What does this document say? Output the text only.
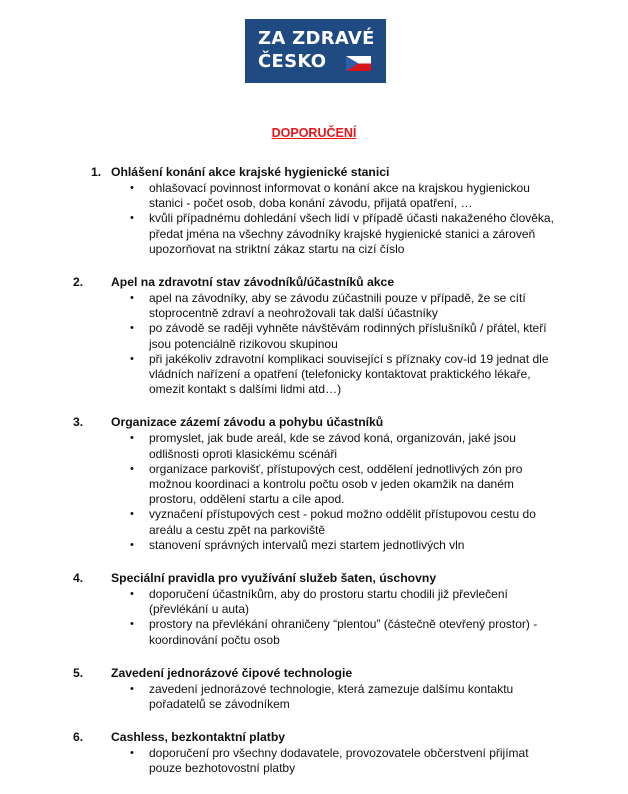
ZA ZDRAVÉ
ČESKO
DOPORUČENÍ
1. Ohlášení konání akce krajské hygienické stanici
• ohlašovací povinnost informovat o konání akce na krajskou hygienickou stanici - počet osob, doba konání závodu, přijatá opatření, …
• kvůli případnému dohledání všech lidí v případě účasti nakaženého člověka, předat jména na všechny závodníky krajské hygienické stanici a zároveň upozorňovat na striktní zákaz startu na cizí číslo
2. Apel na zdravotní stav závodníků/účastníků akce
• apel na závodníky, aby se závodu zúčastnili pouze v případě, že se cítí stoprocentně zdraví a neohrožovali tak další účastníky
• po závodě se raději vyhněte návštěvám rodinných příslušníků / přátel, kteří jsou potenciálně rizikovou skupinou
• při jakékoliv zdravotní komplikaci související s příznaky cov-id 19 jednat dle vládních nařízení a opatření (telefonicky kontaktovat praktického lékaře, omezit kontakt s dalšími lidmi atd…)
3. Organizace zázemí závodu a pohybu účastníků
• promyslet, jak bude areál, kde se závod koná, organizován, jaké jsou odlišnosti oproti klasickému scénáři
• organizace parkovišť, přístupových cest, oddělení jednotlivých zón pro možnou koordinaci a kontrolu počtu osob v jeden okamžik na daném prostoru, oddělení startu a cíle apod.
• vyznačení přístupových cest - pokud možno oddělit přístupovou cestu do areálu a cestu zpět na parkoviště
• stanovení správných intervalů mezi startem jednotlivých vln
4. Speciální pravidla pro využívání služeb šaten, úschovny
• doporučení účastníkům, aby do prostoru startu chodili již převlečení (převlékání u auta)
• prostory na převlékání ohraničeny “plentou” (částečně otevřený prostor) - koordinování počtu osob
5. Zavedení jednorázové čipové technologie
• zavedení jednorázové technologie, která zamezuje dalšímu kontaktu pořadatelů se závodníkem
6. Cashless, bezkontaktní platby
• doporučení pro všechny dodavatele, provozovatele občerstvení přijímat pouze bezhotovostní platby
